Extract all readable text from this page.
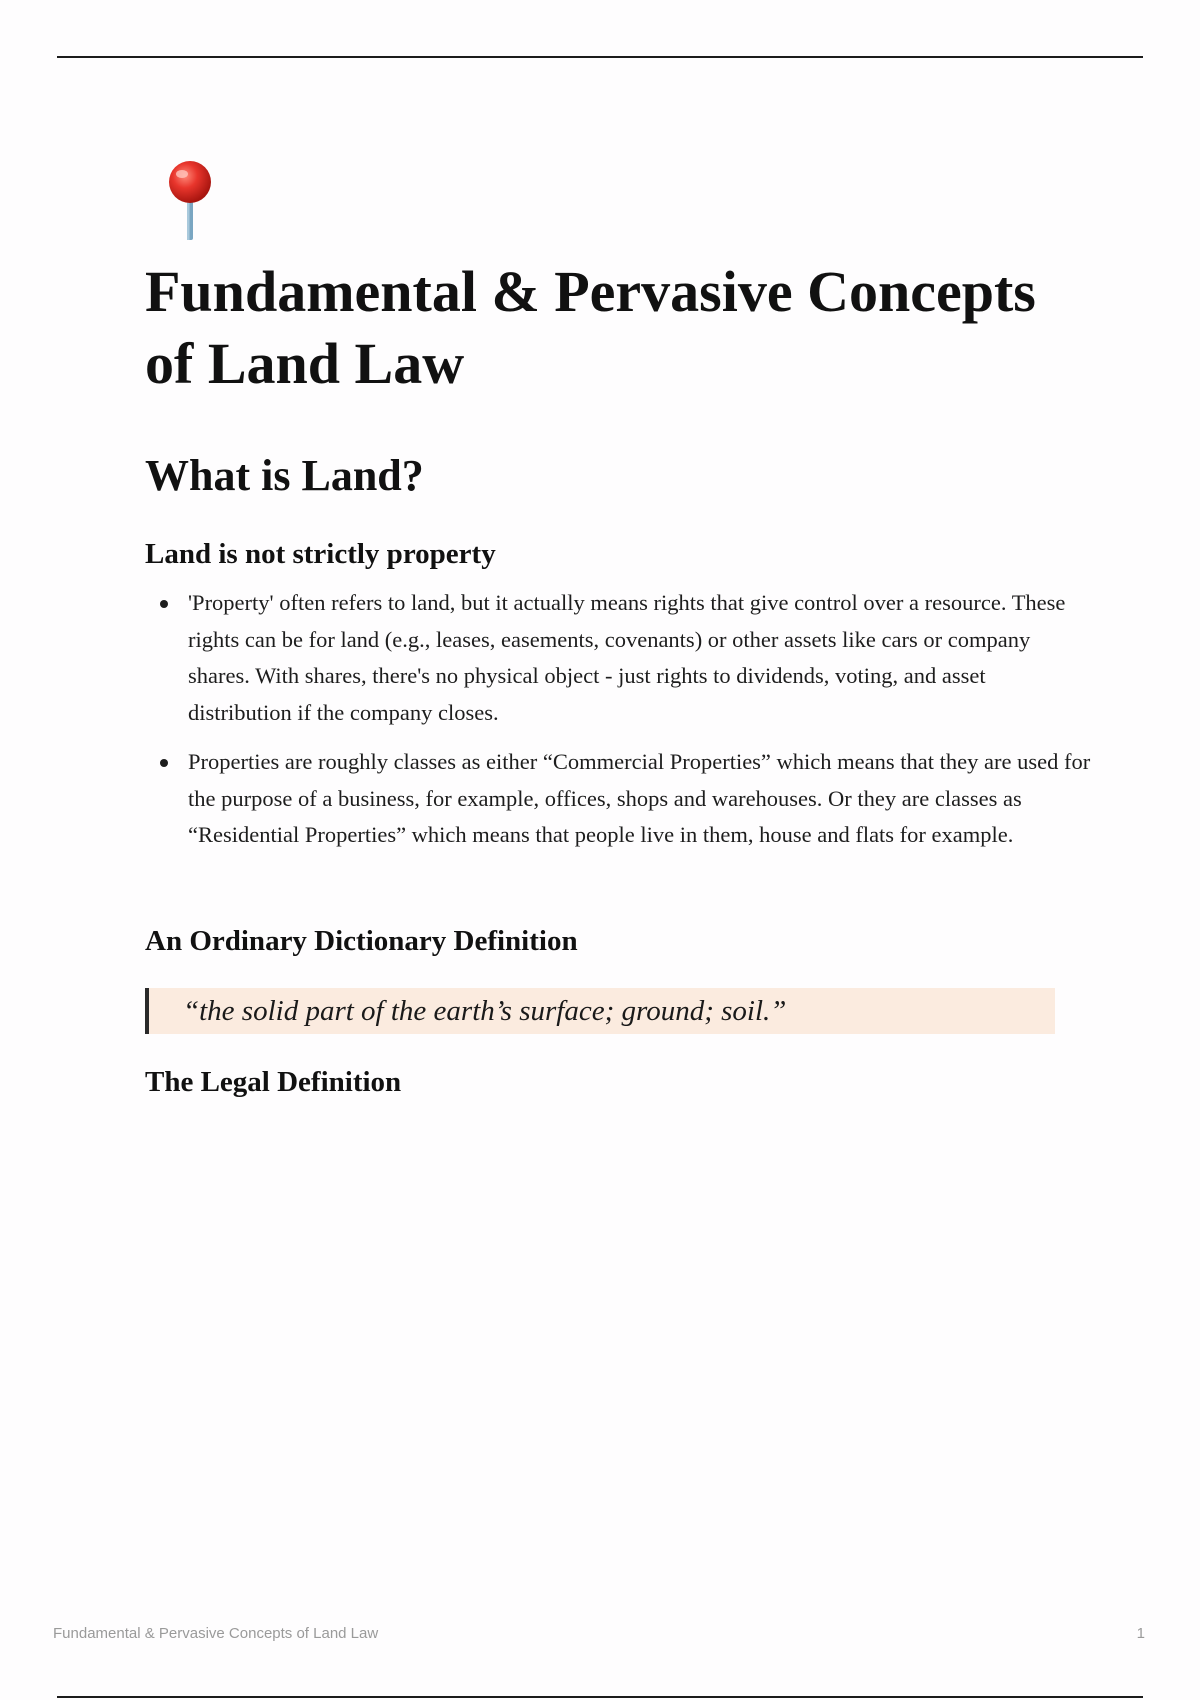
Fundamental & Pervasive Concepts of Land Law
What is Land?
Land is not strictly property
'Property' often refers to land, but it actually means rights that give control over a resource. These rights can be for land (e.g., leases, easements, covenants) or other assets like cars or company shares. With shares, there's no physical object - just rights to dividends, voting, and asset distribution if the company closes.
Properties are roughly classes as either “Commercial Properties” which means that they are used for the purpose of a business, for example, offices, shops and warehouses. Or they are classes as “Residential Properties” which means that people live in them, house and flats for example.
An Ordinary Dictionary Definition
“the solid part of the earth’s surface; ground; soil.”
The Legal Definition
Fundamental & Pervasive Concepts of Land Law	1
